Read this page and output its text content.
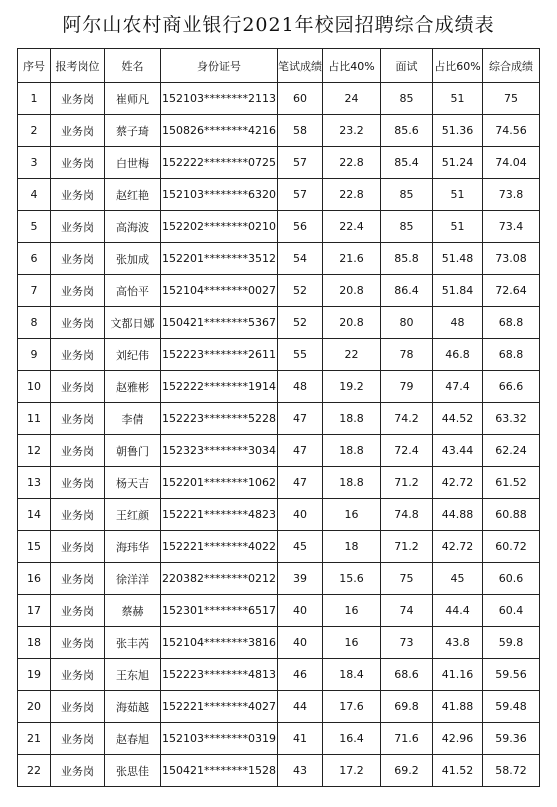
阿尔山农村商业银行2021年校园招聘综合成绩表
序号	报考岗位	姓名	身份证号	笔试成绩	占比40%	面试	占比60%	综合成绩
1	业务岗	崔师凡	152103********2113	60	24	85	51	75
2	业务岗	蔡子琦	150826********4216	58	23.2	85.6	51.36	74.56
3	业务岗	白世梅	152222********0725	57	22.8	85.4	51.24	74.04
4	业务岗	赵红艳	152103********6320	57	22.8	85	51	73.8
5	业务岗	高海波	152202********0210	56	22.4	85	51	73.4
6	业务岗	张加成	152201********3512	54	21.6	85.8	51.48	73.08
7	业务岗	高怡平	152104********0027	52	20.8	86.4	51.84	72.64
8	业务岗	文都日娜	150421********5367	52	20.8	80	48	68.8
9	业务岗	刘纪伟	152223********2611	55	22	78	46.8	68.8
10	业务岗	赵雅彬	152222********1914	48	19.2	79	47.4	66.6
11	业务岗	李倩	152223********5228	47	18.8	74.2	44.52	63.32
12	业务岗	朝鲁门	152323********3034	47	18.8	72.4	43.44	62.24
13	业务岗	杨天吉	152201********1062	47	18.8	71.2	42.72	61.52
14	业务岗	王红颜	152221********4823	40	16	74.8	44.88	60.88
15	业务岗	海玮华	152221********4022	45	18	71.2	42.72	60.72
16	业务岗	徐洋洋	220382********0212	39	15.6	75	45	60.6
17	业务岗	蔡赫	152301********6517	40	16	74	44.4	60.4
18	业务岗	张丰芮	152104********3816	40	16	73	43.8	59.8
19	业务岗	王东旭	152223********4813	46	18.4	68.6	41.16	59.56
20	业务岗	海茹越	152221********4027	44	17.6	69.8	41.88	59.48
21	业务岗	赵春旭	152103********0319	41	16.4	71.6	42.96	59.36
22	业务岗	张思佳	150421********1528	43	17.2	69.2	41.52	58.72
